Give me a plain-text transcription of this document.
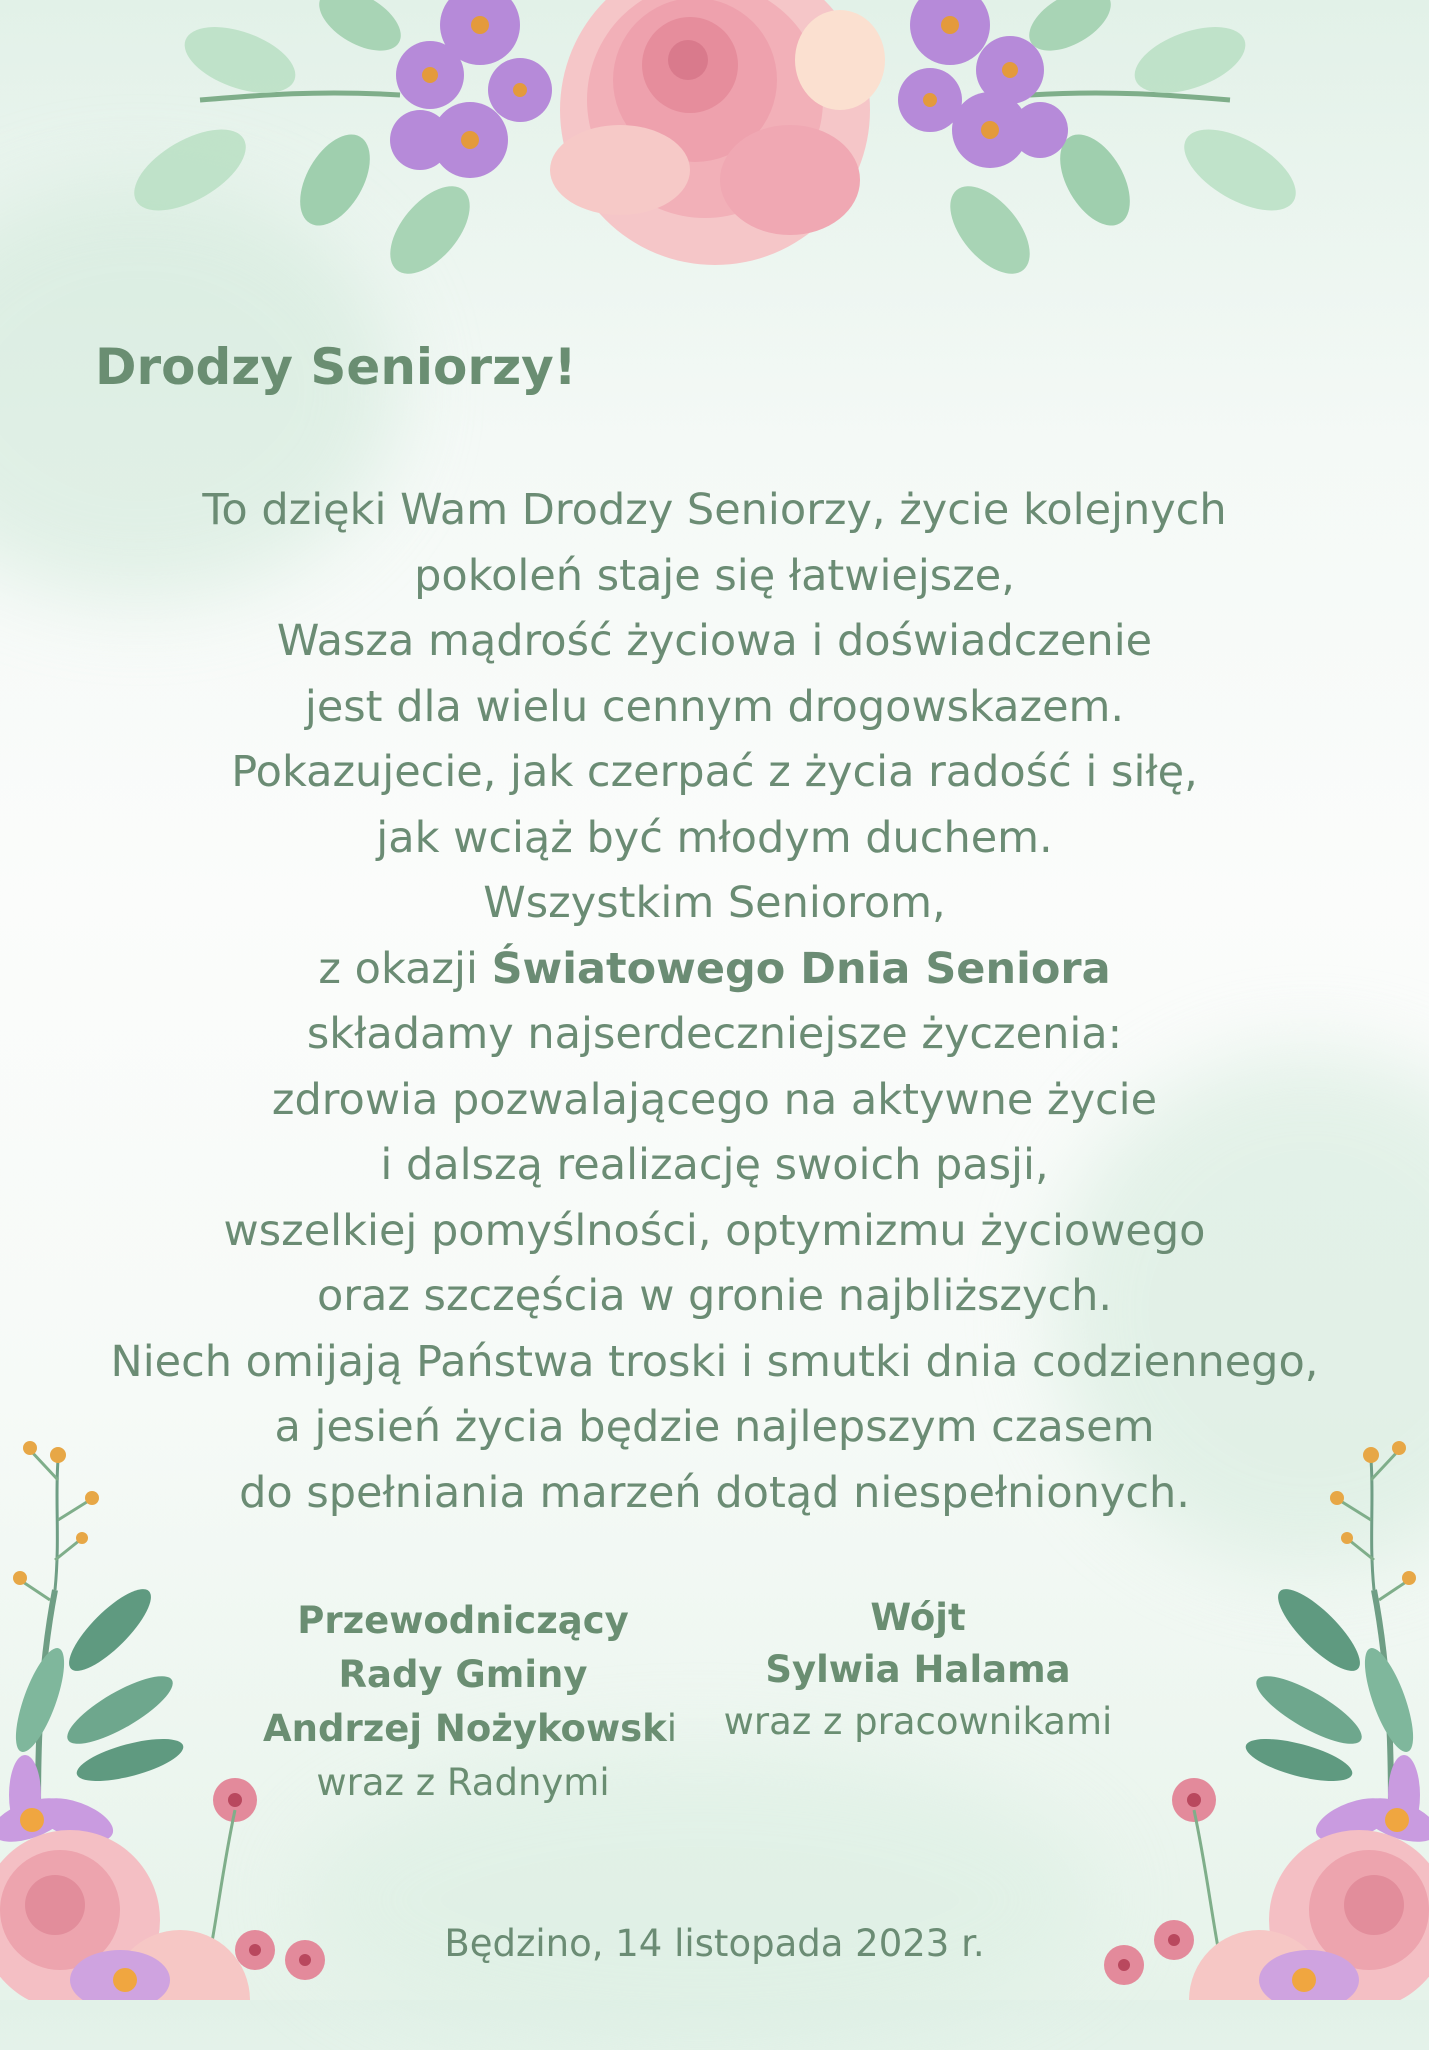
Drodzy Seniorzy!
To dzięki Wam Drodzy Seniorzy, życie kolejnych
pokoleń staje się łatwiejsze,
Wasza mądrość życiowa i doświadczenie
jest dla wielu cennym drogowskazem.
Pokazujecie, jak czerpać z życia radość i siłę,
jak wciąż być młodym duchem.
Wszystkim Seniorom,
z okazji Światowego Dnia Seniora
składamy najserdeczniejsze życzenia:
zdrowia pozwalającego na aktywne życie
i dalszą realizację swoich pasji,
wszelkiej pomyślności, optymizmu życiowego
oraz szczęścia w gronie najbliższych.
Niech omijają Państwa troski i smutki dnia codziennego,
a jesień życia będzie najlepszym czasem
do spełniania marzeń dotąd niespełnionych.
Przewodniczący
Rady Gminy
Andrzej Nożykowski
wraz z Radnymi
Wójt
Sylwia Halama
wraz z pracownikami
Będzino, 14 listopada 2023 r.
